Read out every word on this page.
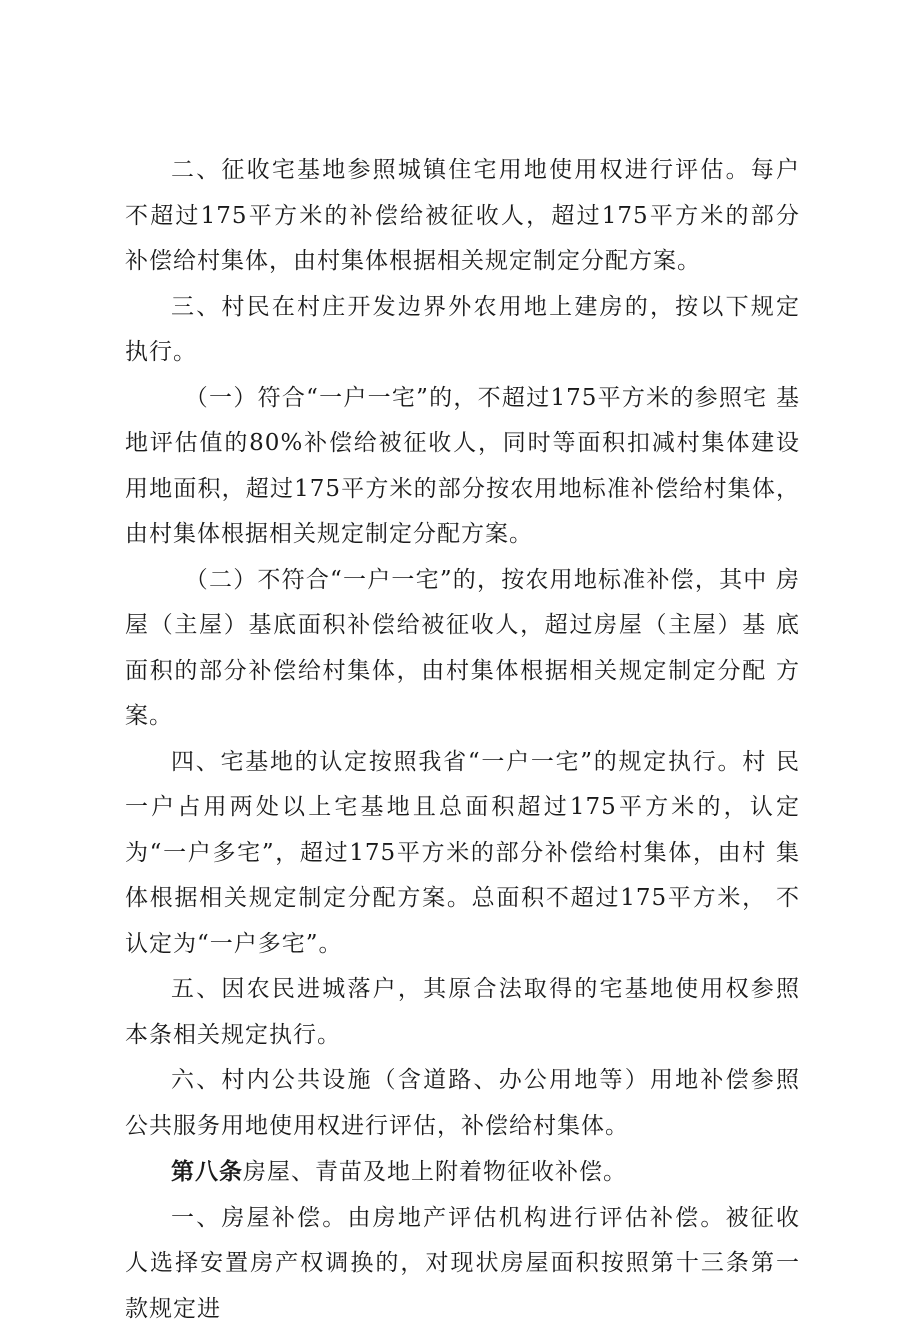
二、征收宅基地参照城镇住宅用地使用权进行评估。每户 不超过175平方米的补偿给被征收人，超过175平方米的部分 补偿给村集体，由村集体根据相关规定制定分配方案。

三、村民在村庄开发边界外农用地上建房的，按以下规定 执行。

（一）符合“一户一宅”的，不超过175平方米的参照宅 基地评估值的80%补偿给被征收人，同时等面积扣减村集体建设 用地面积，超过175平方米的部分按农用地标准补偿给村集体，由村集体根据相关规定制定分配方案。

（二）不符合“一户一宅”的，按农用地标准补偿，其中 房屋（主屋）基底面积补偿给被征收人，超过房屋（主屋）基 底面积的部分补偿给村集体，由村集体根据相关规定制定分配 方案。

四、宅基地的认定按照我省“一户一宅”的规定执行。村 民一户占用两处以上宅基地且总面积超过175平方米的，认定 为“一户多宅”，超过175平方米的部分补偿给村集体，由村 集体根据相关规定制定分配方案。总面积不超过175平方米， 不认定为“一户多宅”。

五、因农民进城落户，其原合法取得的宅基地使用权参照 本条相关规定执行。

六、村内公共设施（含道路、办公用地等）用地补偿参照 公共服务用地使用权进行评估，补偿给村集体。

第八条房屋、青苗及地上附着物征收补偿。

一、房屋补偿。由房地产评估机构进行评估补偿。被征收 人选择安置房产权调换的，对现状房屋面积按照第十三条第一 款规定进
